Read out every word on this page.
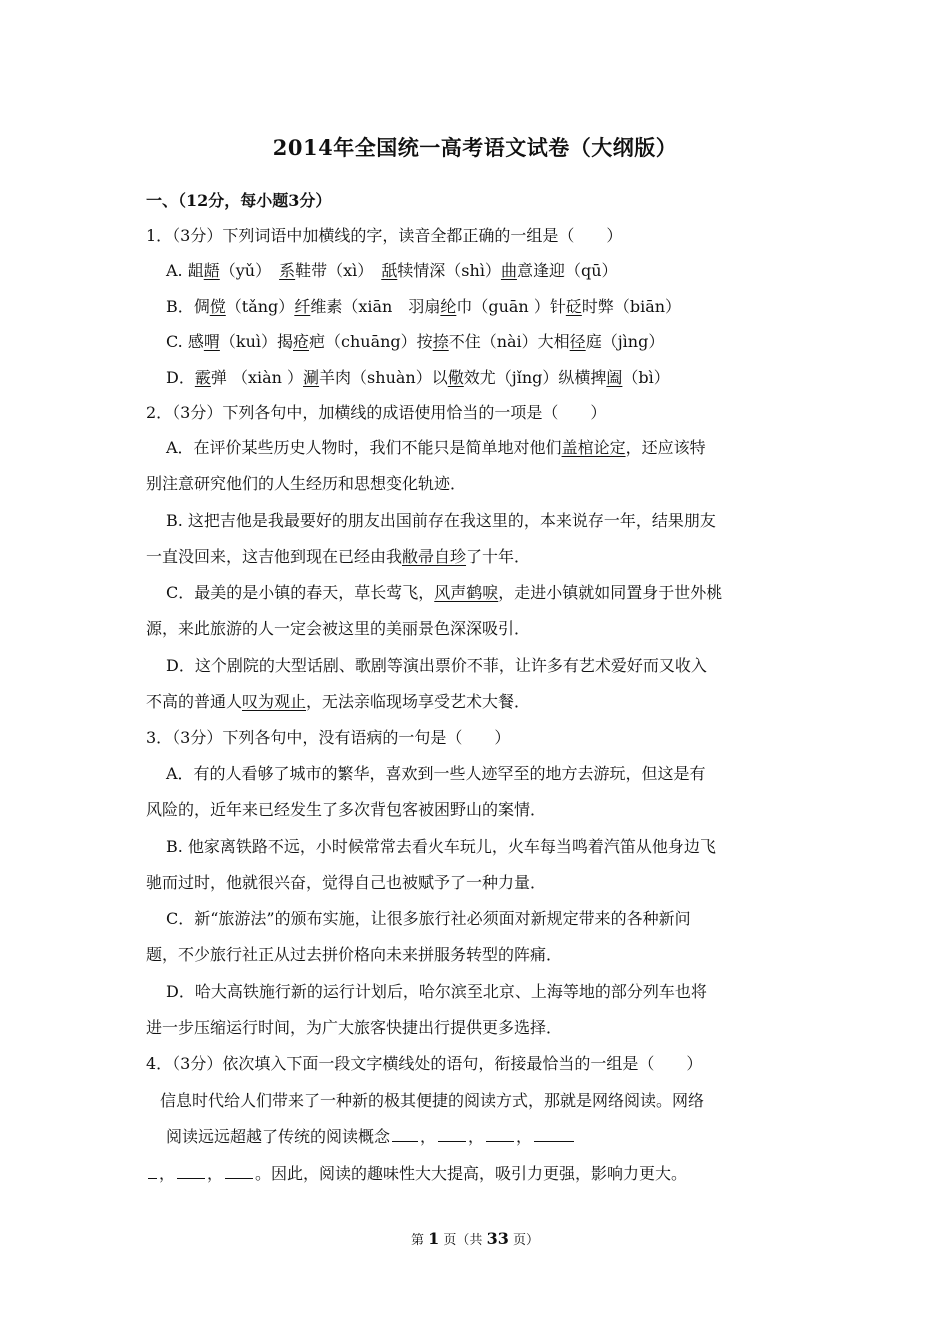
2014年全国统一高考语文试卷（大纲版）
一、（12分，每小题3分）
1．（3分）下列词语中加横线的字，读音全都正确的一组是（　　）
A. 龃龉（yǔ）　系鞋带（xì）　舐犊情深（shì）曲意逢迎（qū）
B．倜傥（tǎng）纤维素（xiān　羽扇纶巾（guān ）针砭时弊（biān）
C. 感喟（kuì）揭疮疤（chuāng）按捺不住（nài）大相径庭（jìng）
D．霰弹 （xiàn ）涮羊肉（shuàn）以儆效尤（jǐng）纵横捭阖（bì）
2．（3分）下列各句中，加横线的成语使用恰当的一项是（　　）
A．在评价某些历史人物时，我们不能只是简单地对他们盖棺论定，还应该特
别注意研究他们的人生经历和思想变化轨迹．
B. 这把吉他是我最要好的朋友出国前存在我这里的，本来说存一年，结果朋友
一直没回来，这吉他到现在已经由我敝帚自珍了十年．
C．最美的是小镇的春天，草长莺飞，风声鹤唳，走进小镇就如同置身于世外桃
源，来此旅游的人一定会被这里的美丽景色深深吸引．
D．这个剧院的大型话剧、歌剧等演出票价不菲，让许多有艺术爱好而又收入
不高的普通人叹为观止，无法亲临现场享受艺术大餐．
3．（3分）下列各句中，没有语病的一句是（　　）
A．有的人看够了城市的繁华，喜欢到一些人迹罕至的地方去游玩，但这是有
风险的，近年来已经发生了多次背包客被困野山的案情．
B. 他家离铁路不远，小时候常常去看火车玩儿，火车每当鸣着汽笛从他身边飞
驰而过时，他就很兴奋，觉得自己也被赋予了一种力量．
C．新“旅游法”的颁布实施，让很多旅行社必须面对新规定带来的各种新问
题，不少旅行社正从过去拼价格向未来拼服务转型的阵痛．
D．哈大高铁施行新的运行计划后，哈尔滨至北京、上海等地的部分列车也将
进一步压缩运行时间，为广大旅客快捷出行提供更多选择．
4．（3分）依次填入下面一段文字横线处的语句，衔接最恰当的一组是（　　）
信息时代给人们带来了一种新的极其便捷的阅读方式，那就是网络阅读。网络
阅读远远超越了传统的阅读概念 ， ， ，
， ， 。因此，阅读的趣味性大大提高，吸引力更强，影响力更大。
第 1 页（共 33 页）
